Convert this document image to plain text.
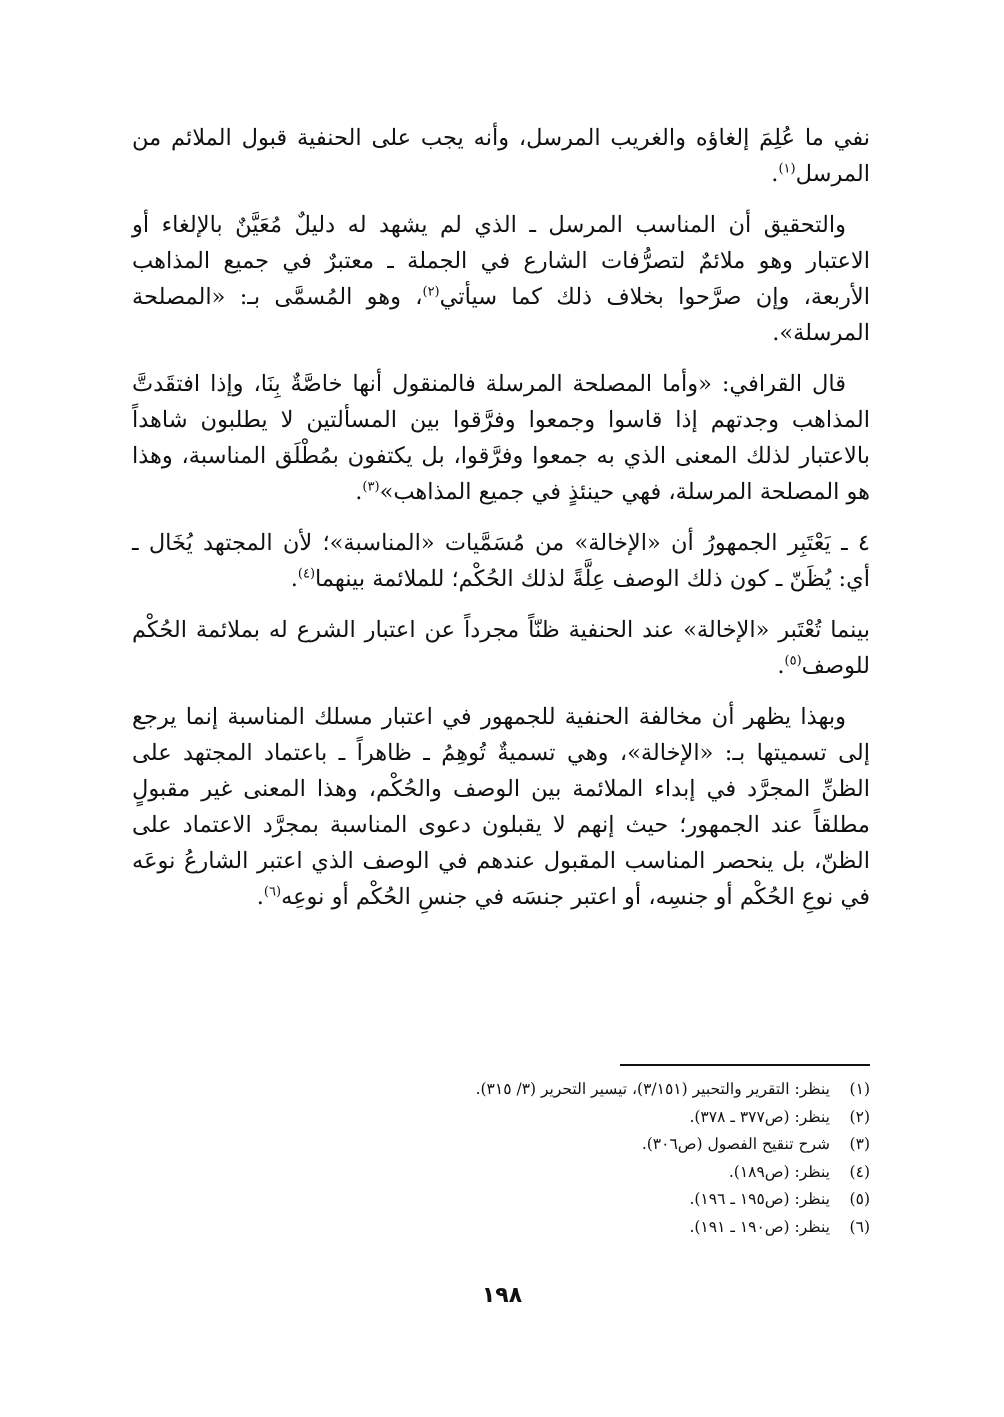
نفي ما عُلِمَ إلغاؤه والغريب المرسل، وأنه يجب على الحنفية قبول الملائم من المرسل$^{(١)}$.

والتحقيق أن المناسب المرسل ـ الذي لم يشهد له دليلٌ مُعَيَّنٌ بالإلغاء أو الاعتبار وهو ملائمٌ لتصرُّفات الشارع في الجملة ـ معتبرٌ في جميع المذاهب الأربعة، وإن صرَّحوا بخلاف ذلك كما سيأتي$^{(٢)}$، وهو المُسمَّى بـ: «المصلحة المرسلة».

قال القرافي: «وأما المصلحة المرسلة فالمنقول أنها خاصَّةٌ بِنَا، وإذا افتقَدتَّ المذاهب وجدتهم إذا قاسوا وجمعوا وفرَّقوا بين المسألتين لا يطلبون شاهداً بالاعتبار لذلك المعنى الذي به جمعوا وفرَّقوا، بل يكتفون بمُطْلَق المناسبة، وهذا هو المصلحة المرسلة، فهي حينئذٍ في جميع المذاهب»$^{(٣)}$.

٤ ـ يَعْتَبِر الجمهورُ أن «الإخالة» من مُسَمَّيات «المناسبة»؛ لأن المجتهد يُخَال ـ أي: يُظَنّ ـ كون ذلك الوصف عِلَّةً لذلك الحُكْم؛ للملائمة بينهما$^{(٤)}$.

بينما تُعْتَبر «الإخالة» عند الحنفية ظنّاً مجرداً عن اعتبار الشرع له بملائمة الحُكْم للوصف$^{(٥)}$.

وبهذا يظهر أن مخالفة الحنفية للجمهور في اعتبار مسلك المناسبة إنما يرجع إلى تسميتها بـ: «الإخالة»، وهي تسميةٌ تُوهِمُ ـ ظاهراً ـ باعتماد المجتهد على الظنِّ المجرَّد في إبداء الملائمة بين الوصف والحُكْم، وهذا المعنى غير مقبولٍ مطلقاً عند الجمهور؛ حيث إنهم لا يقبلون دعوى المناسبة بمجرَّد الاعتماد على الظنّ، بل ينحصر المناسب المقبول عندهم في الوصف الذي اعتبر الشارعُ نوعَه في نوعِ الحُكْم أو جنسِه، أو اعتبر جنسَه في جنسِ الحُكْم أو نوعِه$^{(٦)}$.

(١)
ينظر: التقرير والتحبير (٣/١٥١)، تيسير التحرير (٣/ ٣١٥).
(٢)
ينظر: (ص٣٧٧ ـ ٣٧٨).
(٣)
شرح تنقيح الفصول (ص٣٠٦).
(٤)
ينظر: (ص١٨٩).
(٥)
ينظر: (ص١٩٥ ـ ١٩٦).
(٦)
ينظر: (ص١٩٠ ـ ١٩١).
١٩٨
